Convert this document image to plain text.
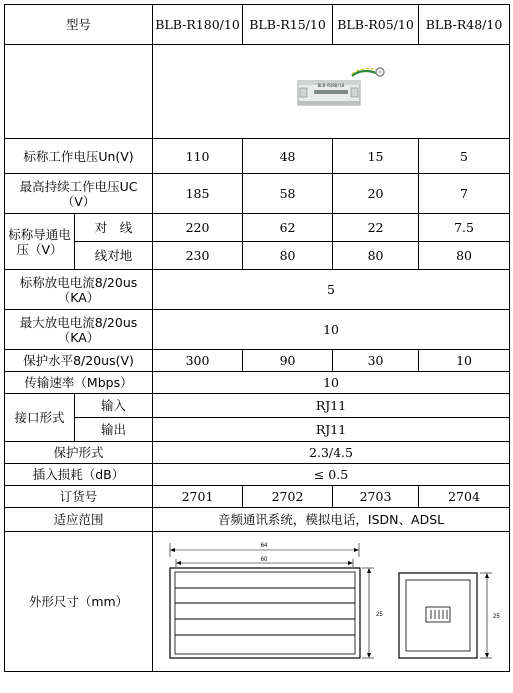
型号		BLB-R180/10	BLB-R15/10	BLB-R05/10	BLB-R48/10

BLB-R180/10			

标称工作电压Un(V)		110	48	15	5
最高持续工作电压UC（V）		185	58	20	7
标称导通电压（V）	对　线	220	62	22	7.5
	线对地	230	80	80	80
标称放电电流8/20us（KA）		5			
最大放电电流8/20us（KA）		10			
保护水平8/20us(V)		300	90	30	10
传输速率（Mbps）		10			
接口形式	输入	RJ11			
	输出	RJ11			
保护形式		2.3/4.5			
插入损耗（dB）		≤ 0.5			
订货号		2701	2702	2703	2704
适应范围		音频通讯系统，模拟电话，ISDN、ADSL			
外形尺寸（mm）		64
60
25 25			
